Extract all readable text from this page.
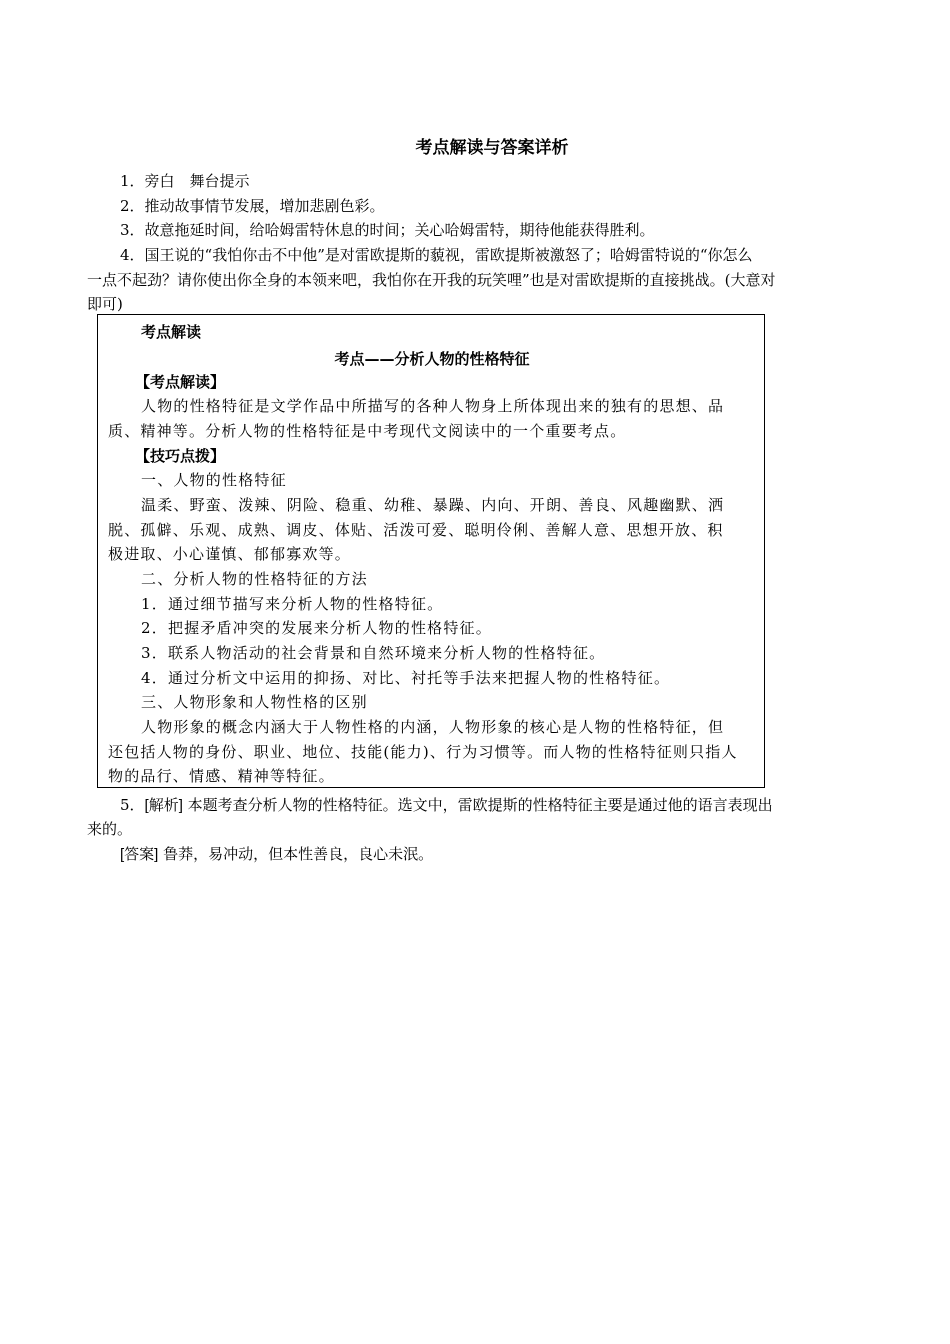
考点解读与答案详析
1．旁白　舞台提示
2．推动故事情节发展，增加悲剧色彩。
3．故意拖延时间，给哈姆雷特休息的时间；关心哈姆雷特，期待他能获得胜利。
4．国王说的“我怕你击不中他”是对雷欧提斯的藐视，雷欧提斯被激怒了；哈姆雷特说的“你怎么
一点不起劲？请你使出你全身的本领来吧，我怕你在开我的玩笑哩”也是对雷欧提斯的直接挑战。(大意对
即可)
考点解读
考点——分析人物的性格特征
【考点解读】
人物的性格特征是文学作品中所描写的各种人物身上所体现出来的独有的思想、品
质、精神等。分析人物的性格特征是中考现代文阅读中的一个重要考点。
【技巧点拨】
一、人物的性格特征
温柔、野蛮、泼辣、阴险、稳重、幼稚、暴躁、内向、开朗、善良、风趣幽默、洒
脱、孤僻、乐观、成熟、调皮、体贴、活泼可爱、聪明伶俐、善解人意、思想开放、积
极进取、小心谨慎、郁郁寡欢等。
二、分析人物的性格特征的方法
1．通过细节描写来分析人物的性格特征。
2．把握矛盾冲突的发展来分析人物的性格特征。
3．联系人物活动的社会背景和自然环境来分析人物的性格特征。
4．通过分析文中运用的抑扬、对比、衬托等手法来把握人物的性格特征。
三、人物形象和人物性格的区别
人物形象的概念内涵大于人物性格的内涵，人物形象的核心是人物的性格特征，但
还包括人物的身份、职业、地位、技能(能力)、行为习惯等。而人物的性格特征则只指人
物的品行、情感、精神等特征。
5．[解析] 本题考查分析人物的性格特征。选文中，雷欧提斯的性格特征主要是通过他的语言表现出
来的。
[答案] 鲁莽，易冲动，但本性善良，良心未泯。
